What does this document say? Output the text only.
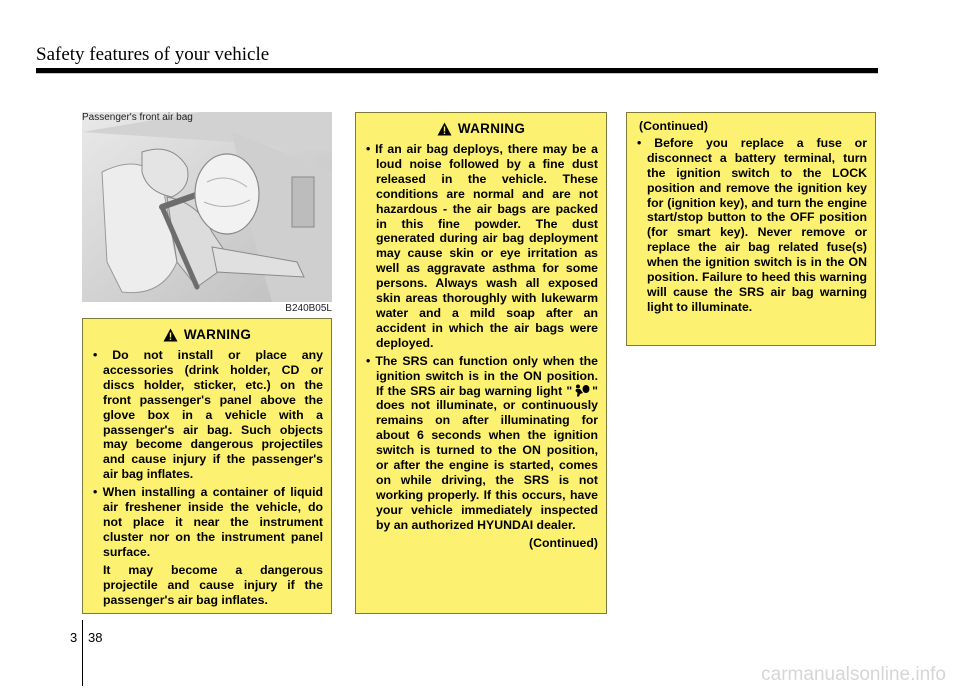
Safety features of your vehicle
Passenger's front air bag
B240B05L
WARNING

• Do not install or place any accessories (drink holder, CD or discs holder, sticker, etc.) on the front passenger's panel above the glove box in a vehicle with a passenger's air bag. Such objects may become dangerous projectiles and cause injury if the passenger's air bag inflates.

• When installing a container of liquid air freshener inside the vehicle, do not place it near the instrument cluster nor on the instrument panel surface.

It may become a dangerous projectile and cause injury if the passenger's air bag inflates.

WARNING

• If an air bag deploys, there may be a loud noise followed by a fine dust released in the vehicle. These conditions are normal and are not hazardous - the air bags are packed in this fine powder. The dust generated during air bag deployment may cause skin or eye irritation as well as aggravate asthma for some persons. Always wash all exposed skin areas thoroughly with lukewarm water and a mild soap after an accident in which the air bags were deployed.

• The SRS can function only when the ignition switch is in the ON position. If the SRS air bag warning light " " does not illuminate, or continuously remains on after illuminating for about 6 seconds when the ignition switch is turned to the ON position, or after the engine is started, comes on while driving, the SRS is not working properly. If this occurs, have your vehicle immediately inspected by an authorized HYUNDAI dealer.

(Continued)

(Continued)

• Before you replace a fuse or disconnect a battery terminal, turn the ignition switch to the LOCK position and remove the ignition key for (ignition key), and turn the engine start/stop button to the OFF position (for smart key). Never remove or replace the air bag related fuse(s) when the ignition switch is in the ON position. Failure to heed this warning will cause the SRS air bag warning light to illuminate.

3 38
carmanualsonline.info
